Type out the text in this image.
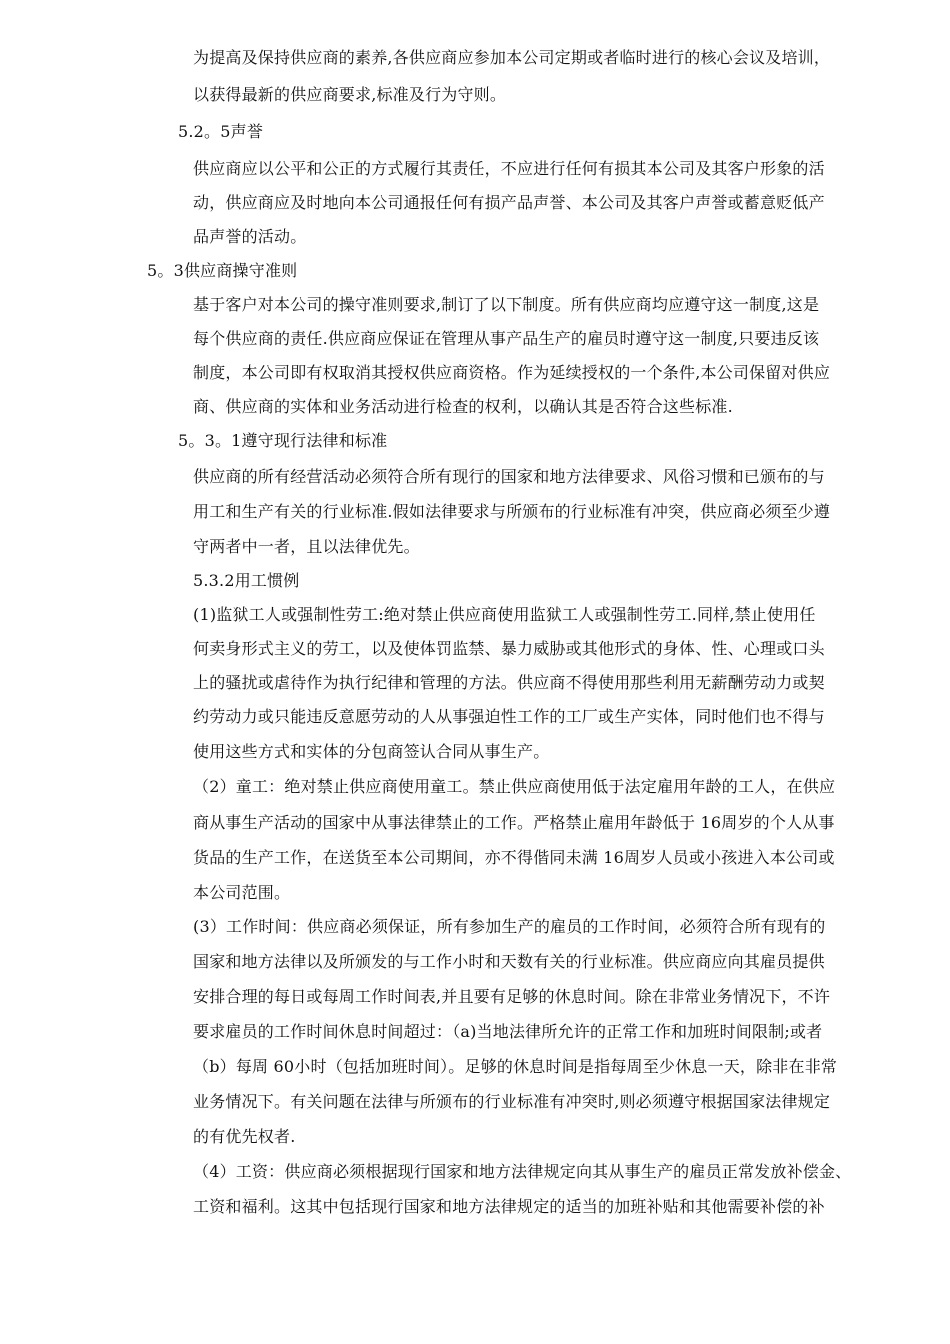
为提高及保持供应商的素养,各供应商应参加本公司定期或者临时进行的核心会议及培训，
以获得最新的供应商要求,标准及行为守则。
5.2。5声誉
供应商应以公平和公正的方式履行其责任，不应进行任何有损其本公司及其客户形象的活
动，供应商应及时地向本公司通报任何有损产品声誉、本公司及其客户声誉或蓄意贬低产
品声誉的活动。
5。3供应商操守准则
基于客户对本公司的操守准则要求,制订了以下制度。所有供应商均应遵守这一制度,这是
每个供应商的责任.供应商应保证在管理从事产品生产的雇员时遵守这一制度,只要违反该
制度，本公司即有权取消其授权供应商资格。作为延续授权的一个条件,本公司保留对供应
商、供应商的实体和业务活动进行检查的权利，以确认其是否符合这些标准.
5。3。1遵守现行法律和标准
供应商的所有经营活动必须符合所有现行的国家和地方法律要求、风俗习惯和已颁布的与
用工和生产有关的行业标准.假如法律要求与所颁布的行业标准有冲突，供应商必须至少遵
守两者中一者，且以法律优先。
5.3.2用工惯例
(1)监狱工人或强制性劳工:绝对禁止供应商使用监狱工人或强制性劳工.同样,禁止使用任
何卖身形式主义的劳工，以及使体罚监禁、暴力威胁或其他形式的身体、性、心理或口头
上的骚扰或虐待作为执行纪律和管理的方法。供应商不得使用那些利用无薪酬劳动力或契
约劳动力或只能违反意愿劳动的人从事强迫性工作的工厂或生产实体，同时他们也不得与
使用这些方式和实体的分包商签认合同从事生产。
（2）童工：绝对禁止供应商使用童工。禁止供应商使用低于法定雇用年龄的工人，在供应
商从事生产活动的国家中从事法律禁止的工作。严格禁止雇用年龄低于 16周岁的个人从事
货品的生产工作，在送货至本公司期间，亦不得偕同未满 16周岁人员或小孩进入本公司或
本公司范围。
(3）工作时间：供应商必须保证，所有参加生产的雇员的工作时间，必须符合所有现有的
国家和地方法律以及所颁发的与工作小时和天数有关的行业标准。供应商应向其雇员提供
安排合理的每日或每周工作时间表,并且要有足够的休息时间。除在非常业务情况下，不许
要求雇员的工作时间休息时间超过：（a)当地法律所允许的正常工作和加班时间限制;或者
（b）每周 60小时（包括加班时间）。足够的休息时间是指每周至少休息一天，除非在非常
业务情况下。有关问题在法律与所颁布的行业标准有冲突时,则必须遵守根据国家法律规定
的有优先权者.
（4）工资：供应商必须根据现行国家和地方法律规定向其从事生产的雇员正常发放补偿金、
工资和福利。这其中包括现行国家和地方法律规定的适当的加班补贴和其他需要补偿的补
